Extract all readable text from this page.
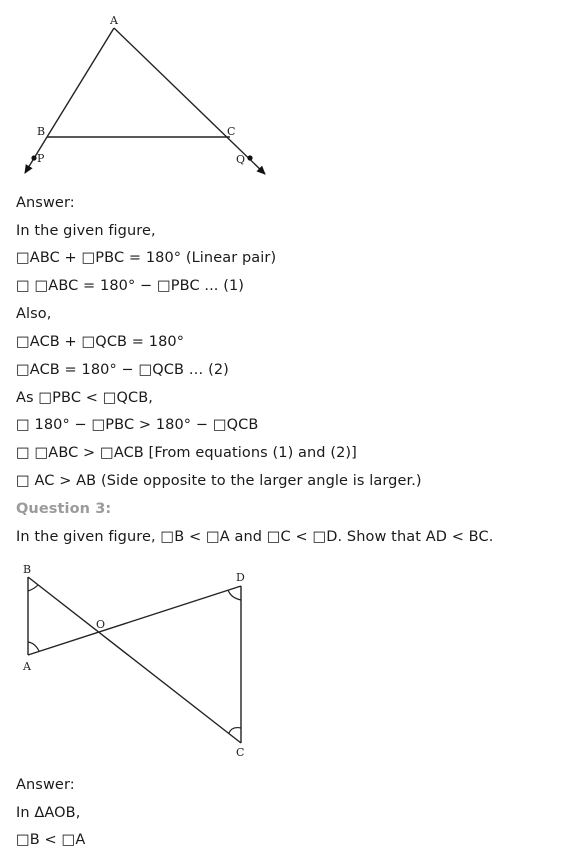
A
B	C
P	Q
Answer:
In the given figure,
□ABC + □PBC = 180° (Linear pair)
□ □ABC = 180° − □PBC ... (1)
Also,
□ACB + □QCB = 180°
□ACB = 180° − □QCB … (2)
As □PBC < □QCB,
□ 180° − □PBC > 180° − □QCB
□ □ABC > □ACB [From equations (1) and (2)]
□ AC > AB (Side opposite to the larger angle is larger.)
Question 3:
In the given figure, □B < □A and □C < □D. Show that AD < BC.
B
A
O
D
C
Answer:
In ΔAOB,
□B < □A
